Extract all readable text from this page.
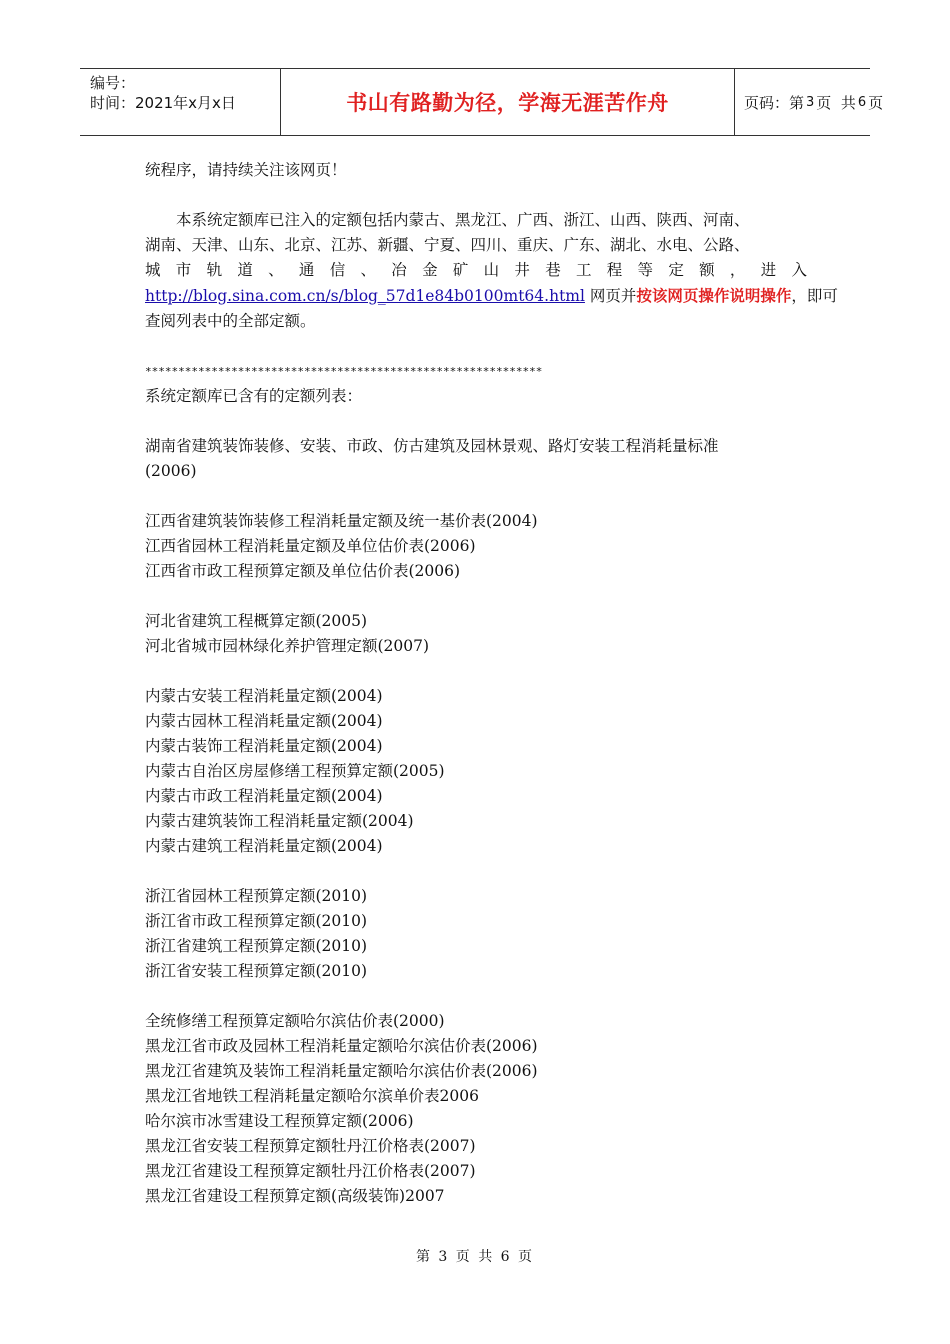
编号：
时间：2021年x月x日	书山有路勤为径，学海无涯苦作舟	页码：第 3 页  共 6 页

统程序，请持续关注该网页！

本系统定额库已注入的定额包括内蒙古、黑龙江、广西、浙江、山西、陕西、河南、

湖南、天津、山东、北京、江苏、新疆、宁夏、四川、重庆、广东、湖北、水电、公路、

城市轨道、通信、冶金矿山井巷工程等定额，进入

http://blog.sina.com.cn/s/blog_57d1e84b0100mt64.html 网页并按该网页操作说明操作，即可

查阅列表中的全部定额。

************************************************************

系统定额库已含有的定额列表：

湖南省建筑装饰装修、安装、市政、仿古建筑及园林景观、路灯安装工程消耗量标准

(2006)

江西省建筑装饰装修工程消耗量定额及统一基价表(2004)

江西省园林工程消耗量定额及单位估价表(2006)

江西省市政工程预算定额及单位估价表(2006)

河北省建筑工程概算定额(2005)

河北省城市园林绿化养护管理定额(2007)

内蒙古安装工程消耗量定额(2004)

内蒙古园林工程消耗量定额(2004)

内蒙古装饰工程消耗量定额(2004)

内蒙古自治区房屋修缮工程预算定额(2005)

内蒙古市政工程消耗量定额(2004)

内蒙古建筑装饰工程消耗量定额(2004)

内蒙古建筑工程消耗量定额(2004)

浙江省园林工程预算定额(2010)

浙江省市政工程预算定额(2010)

浙江省建筑工程预算定额(2010)

浙江省安装工程预算定额(2010)

全统修缮工程预算定额哈尔滨估价表(2000)

黑龙江省市政及园林工程消耗量定额哈尔滨估价表(2006)

黑龙江省建筑及装饰工程消耗量定额哈尔滨估价表(2006)

黑龙江省地铁工程消耗量定额哈尔滨单价表2006

哈尔滨市冰雪建设工程预算定额(2006)

黑龙江省安装工程预算定额牡丹江价格表(2007)

黑龙江省建设工程预算定额牡丹江价格表(2007)

黑龙江省建设工程预算定额(高级装饰)2007

第 3 页 共 6 页
